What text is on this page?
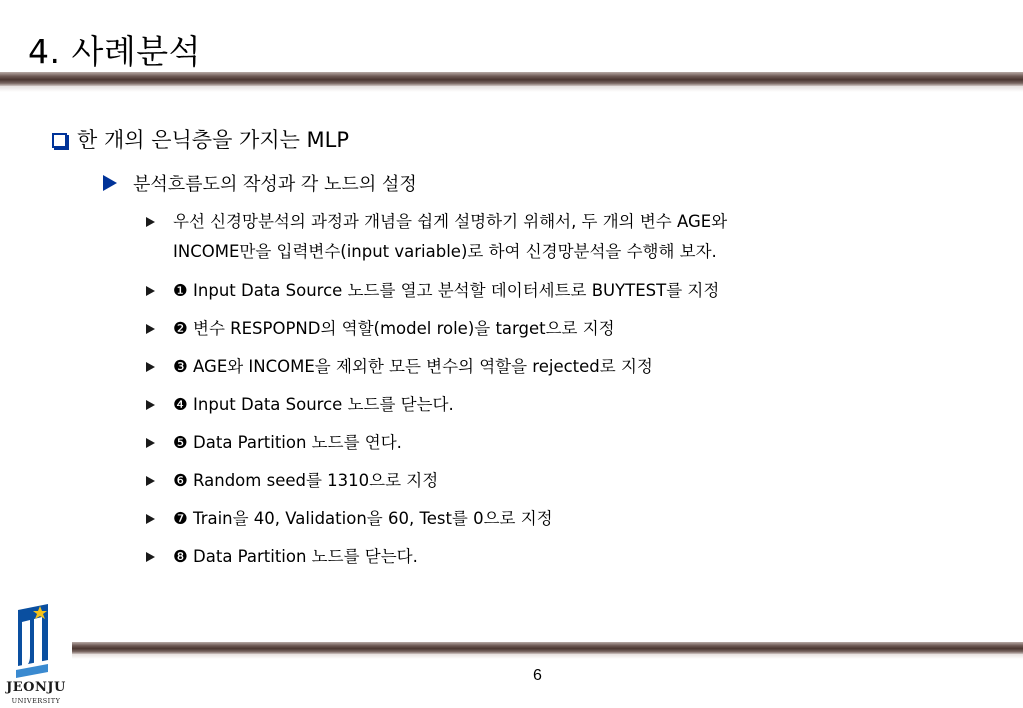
4. 사례분석
한 개의 은닉층을 가지는 MLP
분석흐름도의 작성과 각 노드의 설정
우선 신경망분석의 과정과 개념을 쉽게 설명하기 위해서, 두 개의 변수 AGE와
INCOME만을 입력변수(input variable)로 하여 신경망분석을 수행해 보자.
❶ Input Data Source 노드를 열고 분석할 데이터세트로 BUYTEST를 지정
❷ 변수 RESPOPND의 역할(model role)을 target으로 지정
❸ AGE와 INCOME을 제외한 모든 변수의 역할을 rejected로 지정
❹ Input Data Source 노드를 닫는다.
❺ Data Partition 노드를 연다.
❻ Random seed를 1310으로 지정
❼ Train을 40, Validation을 60, Test를 0으로 지정
❽ Data Partition 노드를 닫는다.
JEONJU
UNIVERSITY
6
